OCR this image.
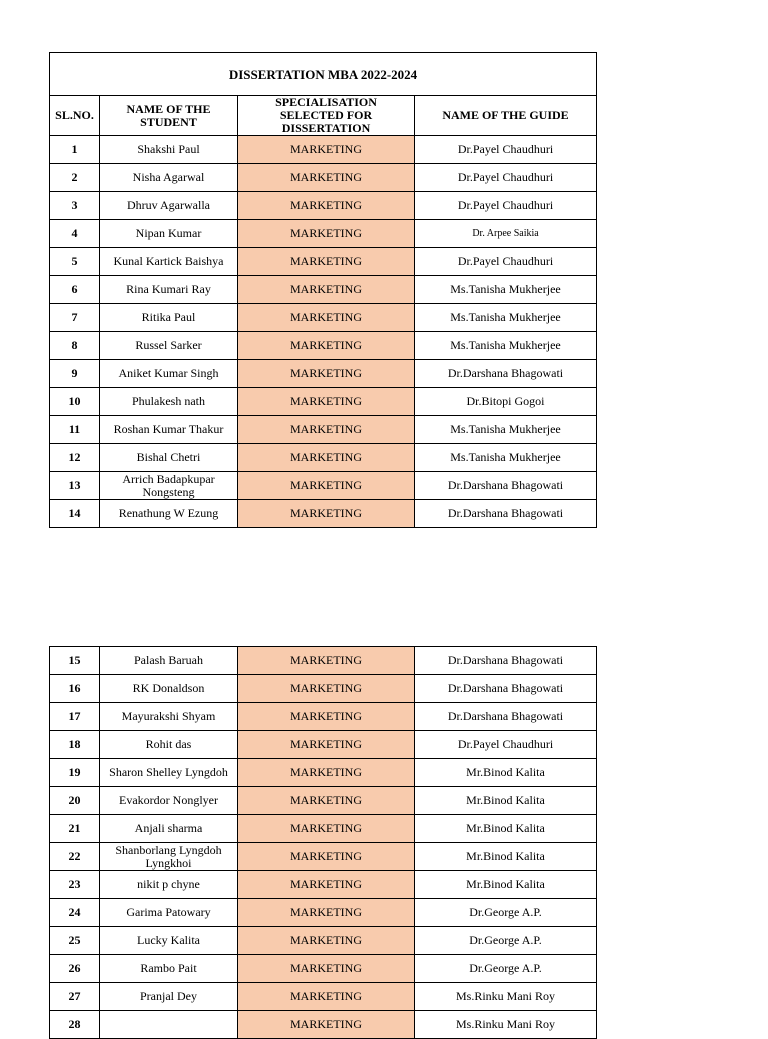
DISSERTATION MBA 2022-2024			
SL.NO.	NAME OF THE STUDENT	SPECIALISATION SELECTED FOR DISSERTATION	NAME OF THE GUIDE
1	Shakshi Paul	MARKETING	Dr.Payel Chaudhuri
2	Nisha Agarwal	MARKETING	Dr.Payel Chaudhuri
3	Dhruv Agarwalla	MARKETING	Dr.Payel Chaudhuri
4	Nipan Kumar	MARKETING	Dr. Arpee Saikia
5	Kunal Kartick Baishya	MARKETING	Dr.Payel Chaudhuri
6	Rina Kumari Ray	MARKETING	Ms.Tanisha Mukherjee
7	Ritika Paul	MARKETING	Ms.Tanisha Mukherjee
8	Russel Sarker	MARKETING	Ms.Tanisha Mukherjee
9	Aniket Kumar Singh	MARKETING	Dr.Darshana Bhagowati
10	Phulakesh nath	MARKETING	Dr.Bitopi Gogoi
11	Roshan Kumar Thakur	MARKETING	Ms.Tanisha Mukherjee
12	Bishal Chetri	MARKETING	Ms.Tanisha Mukherjee
13	Arrich Badapkupar Nongsteng	MARKETING	Dr.Darshana Bhagowati
14	Renathung W Ezung	MARKETING	Dr.Darshana Bhagowati
15	Palash Baruah	MARKETING	Dr.Darshana Bhagowati
16	RK Donaldson	MARKETING	Dr.Darshana Bhagowati
17	Mayurakshi Shyam	MARKETING	Dr.Darshana Bhagowati
18	Rohit das	MARKETING	Dr.Payel Chaudhuri
19	Sharon Shelley Lyngdoh	MARKETING	Mr.Binod Kalita
20	Evakordor Nonglyer	MARKETING	Mr.Binod Kalita
21	Anjali sharma	MARKETING	Mr.Binod Kalita
22	Shanborlang Lyngdoh Lyngkhoi	MARKETING	Mr.Binod Kalita
23	nikit p chyne	MARKETING	Mr.Binod Kalita
24	Garima Patowary	MARKETING	Dr.George A.P.
25	Lucky Kalita	MARKETING	Dr.George A.P.
26	Rambo Pait	MARKETING	Dr.George A.P.
27	Pranjal Dey	MARKETING	Ms.Rinku Mani Roy
28		MARKETING	Ms.Rinku Mani Roy
